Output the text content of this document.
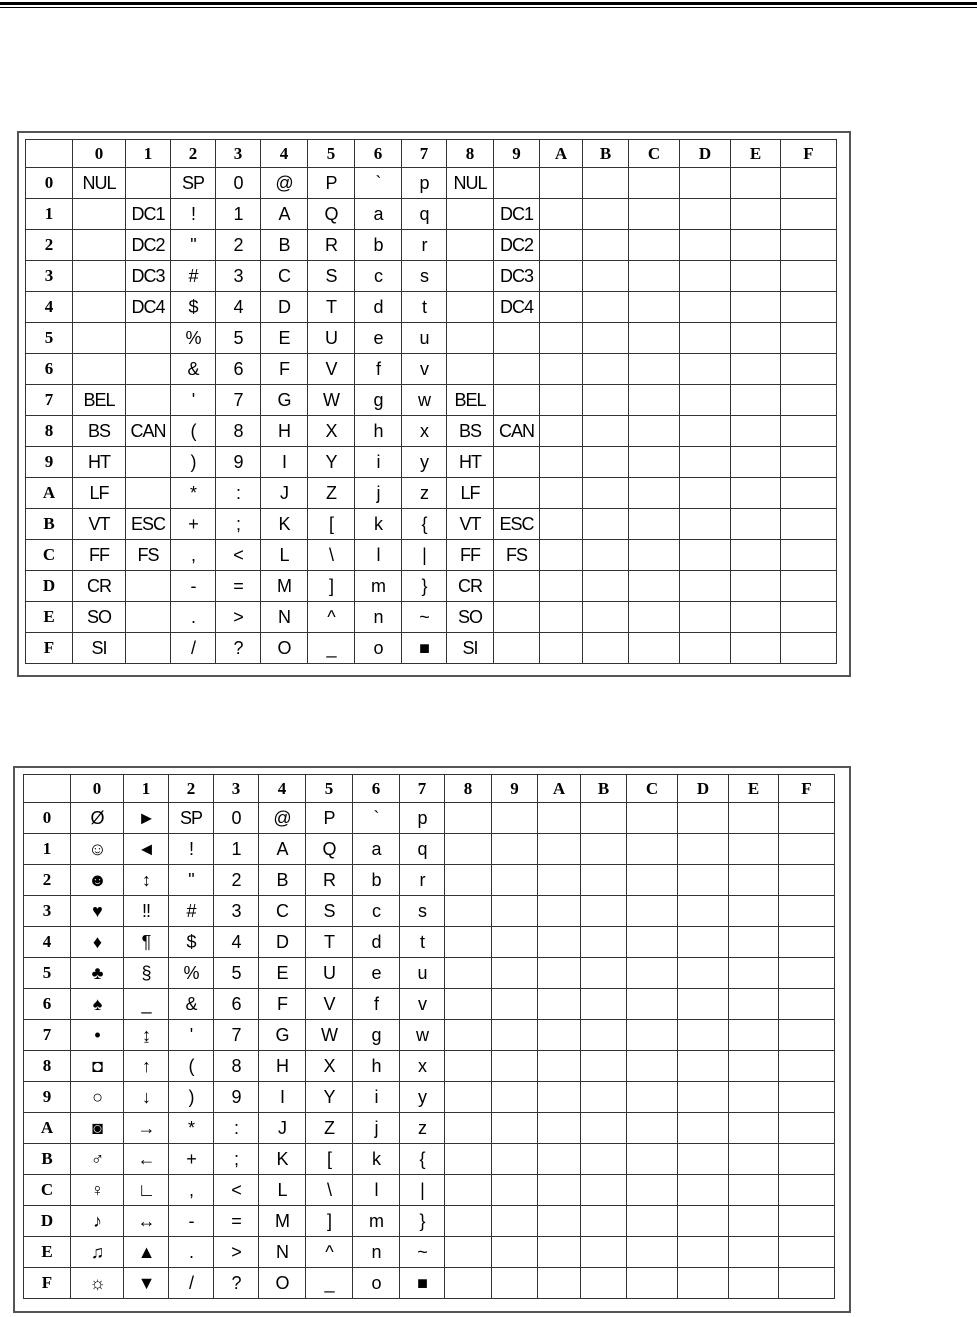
	0	1	2	3	4	5	6	7	8	9	A	B	C	D	E	F
0	NUL		SP	0	@	P	`	p	NUL							
1		DC1	!	1	A	Q	a	q		DC1						
2		DC2	"	2	B	R	b	r		DC2						
3		DC3	#	3	C	S	c	s		DC3						
4		DC4	$	4	D	T	d	t		DC4						
5			%	5	E	U	e	u								
6			&	6	F	V	f	v								
7	BEL		'	7	G	W	g	w	BEL							
8	BS	CAN	(	8	H	X	h	x	BS	CAN						
9	HT		)	9	I	Y	i	y	HT							
A	LF		*	:	J	Z	j	z	LF							
B	VT	ESC	+	;	K	[	k	{	VT	ESC						
C	FF	FS	,	<	L	\	l	|	FF	FS						
D	CR		-	=	M	]	m	}	CR							
E	SO		.	>	N	^	n	~	SO							
F	SI		/	?	O	_	o	■	SI							
	0	1	2	3	4	5	6	7	8	9	A	B	C	D	E	F
0	Ø	►	SP	0	@	P	`	p								
1	☺	◄	!	1	A	Q	a	q								
2	☻	↕	"	2	B	R	b	r								
3	♥	‼	#	3	C	S	c	s								
4	♦	¶	$	4	D	T	d	t								
5	♣	§	%	5	E	U	e	u								
6	♠	_	&	6	F	V	f	v								
7	•	↨	'	7	G	W	g	w								
8	◘	↑	(	8	H	X	h	x								
9	○	↓	)	9	I	Y	i	y								
A	◙	→	*	:	J	Z	j	z								
B	♂	←	+	;	K	[	k	{								
C	♀	∟	,	<	L	\	l	|								
D	♪	↔	-	=	M	]	m	}								
E	♫	▲	.	>	N	^	n	~								
F	☼	▼	/	?	O	_	o	■								
